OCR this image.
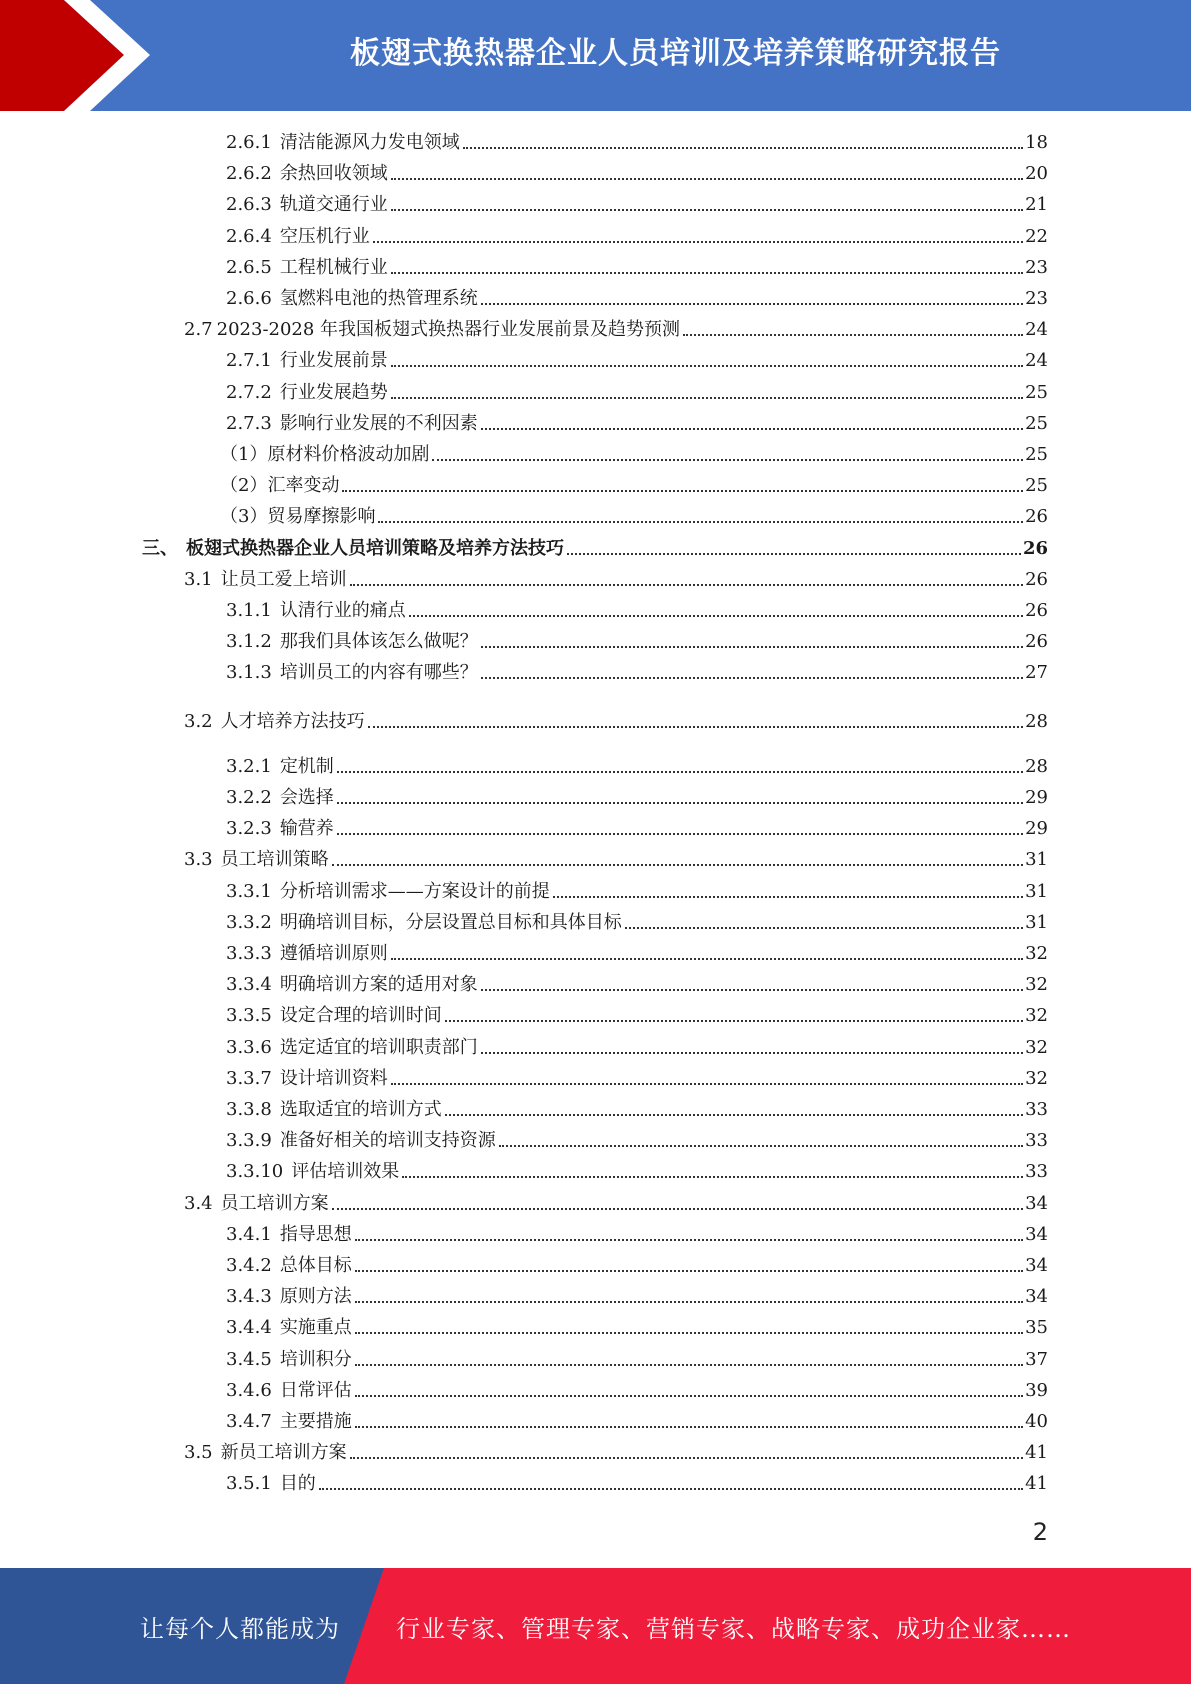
板翅式换热器企业人员培训及培养策略研究报告
2.6.1 清洁能源风力发电领域	18
2.6.2 余热回收领域	20
2.6.3 轨道交通行业	21
2.6.4 空压机行业	22
2.6.5 工程机械行业	23
2.6.6 氢燃料电池的热管理系统	23
2.7 2023-2028 年我国板翅式换热器行业发展前景及趋势预测	24
2.7.1 行业发展前景	24
2.7.2 行业发展趋势	25
2.7.3 影响行业发展的不利因素	25
（1） 原材料价格波动加剧	25
（2） 汇率变动	25
（3） 贸易摩擦影响	26
三、 板翅式换热器企业人员培训策略及培养方法技巧	26
3.1 让员工爱上培训	26
3.1.1 认清行业的痛点	26
3.1.2 那我们具体该怎么做呢？	26
3.1.3 培训员工的内容有哪些？	27
3.2 人才培养方法技巧	28
3.2.1 定机制	28
3.2.2 会选择	29
3.2.3 输营养	29
3.3 员工培训策略	31
3.3.1 分析培训需求——方案设计的前提	31
3.3.2 明确培训目标，分层设置总目标和具体目标	31
3.3.3 遵循培训原则	32
3.3.4 明确培训方案的适用对象	32
3.3.5 设定合理的培训时间	32
3.3.6 选定适宜的培训职责部门	32
3.3.7 设计培训资料	32
3.3.8 选取适宜的培训方式	33
3.3.9 准备好相关的培训支持资源	33
3.3.10 评估培训效果	33
3.4 员工培训方案	34
3.4.1 指导思想	34
3.4.2 总体目标	34
3.4.3 原则方法	34
3.4.4 实施重点	35
3.4.5 培训积分	37
3.4.6 日常评估	39
3.4.7 主要措施	40
3.5 新员工培训方案	41
3.5.1 目的	41
2
让每个人都能成为 行业专家、管理专家、营销专家、战略专家、成功企业家……
